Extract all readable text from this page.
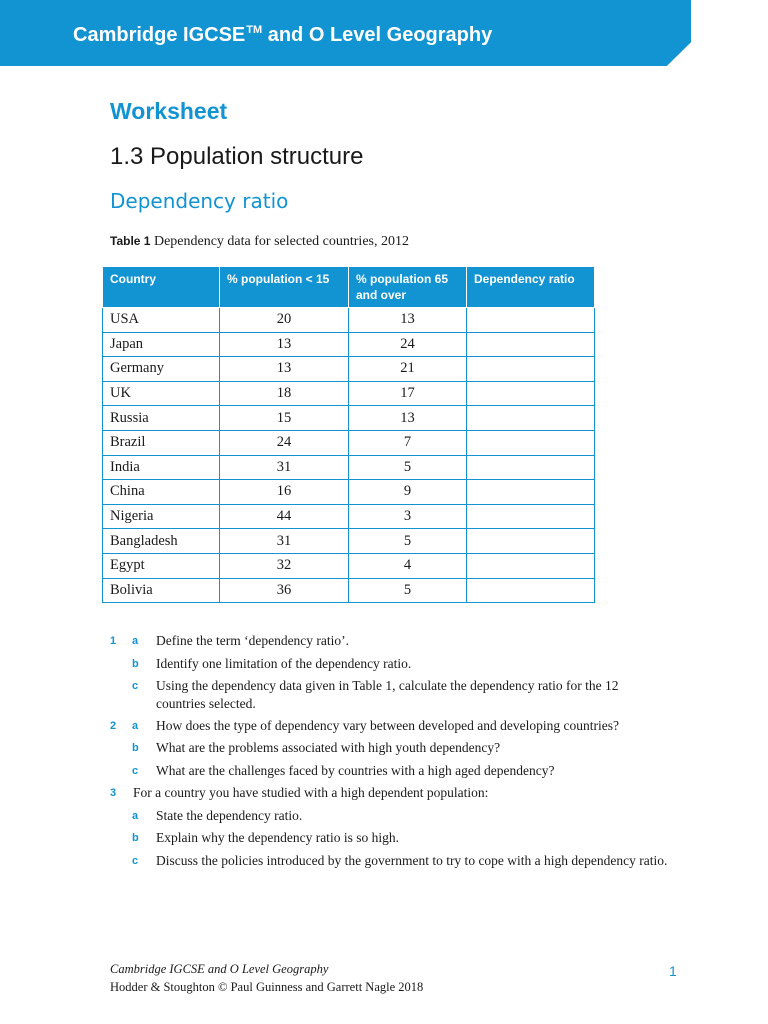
Cambridge IGCSE™ and O Level Geography
Worksheet
1.3 Population structure
Dependency ratio
Table 1 Dependency data for selected countries, 2012
Country	% population < 15	% population 65 and over	Dependency ratio
USA	20	13	
Japan	13	24	
Germany	13	21	
UK	18	17	
Russia	15	13	
Brazil	24	7	
India	31	5	
China	16	9	
Nigeria	44	3	
Bangladesh	31	5	
Egypt	32	4	
Bolivia	36	5	
1 a Define the term ‘dependency ratio’.
b Identify one limitation of the dependency ratio.
c Using the dependency data given in Table 1, calculate the dependency ratio for the 12 countries selected.
2 a How does the type of dependency vary between developed and developing countries?
b What are the problems associated with high youth dependency?
c What are the challenges faced by countries with a high aged dependency?
3 For a country you have studied with a high dependent population:
a State the dependency ratio.
b Explain why the dependency ratio is so high.
c Discuss the policies introduced by the government to try to cope with a high dependency ratio.
Cambridge IGCSE and O Level Geography
Hodder & Stoughton © Paul Guinness and Garrett Nagle 2018
1
